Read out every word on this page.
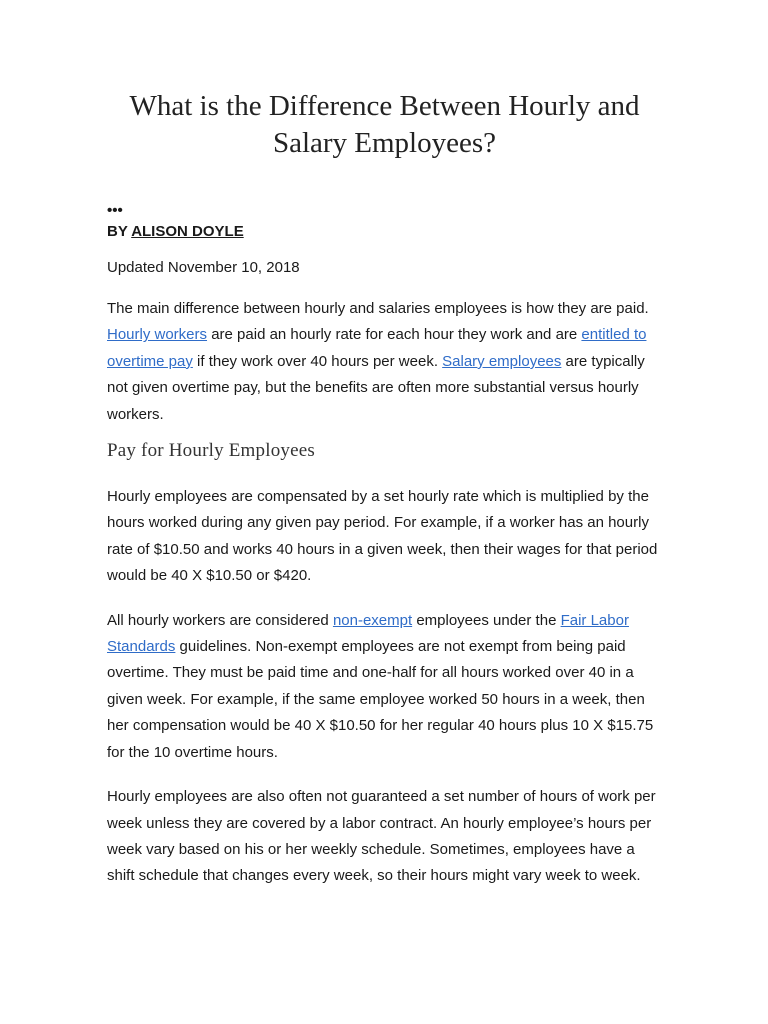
What is the Difference Between Hourly and Salary Employees?
•••
BY ALISON DOYLE
Updated November 10, 2018

The main difference between hourly and salaries employees is how they are paid. Hourly workers are paid an hourly rate for each hour they work and are entitled to overtime pay if they work over 40 hours per week. Salary employees are typically not given overtime pay, but the benefits are often more substantial versus hourly workers.

Pay for Hourly Employees

Hourly employees are compensated by a set hourly rate which is multiplied by the hours worked during any given pay period. For example, if a worker has an hourly rate of $10.50 and works 40 hours in a given week, then their wages for that period would be 40 X $10.50 or $420.

All hourly workers are considered non-exempt employees under the Fair Labor Standards guidelines. Non-exempt employees are not exempt from being paid overtime. They must be paid time and one-half for all hours worked over 40 in a given week. For example, if the same employee worked 50 hours in a week, then her compensation would be 40 X $10.50 for her regular 40 hours plus 10 X $15.75 for the 10 overtime hours.

Hourly employees are also often not guaranteed a set number of hours of work per week unless they are covered by a labor contract. An hourly employee’s hours per week vary based on his or her weekly schedule. Sometimes, employees have a shift schedule that changes every week, so their hours might vary week to week.
